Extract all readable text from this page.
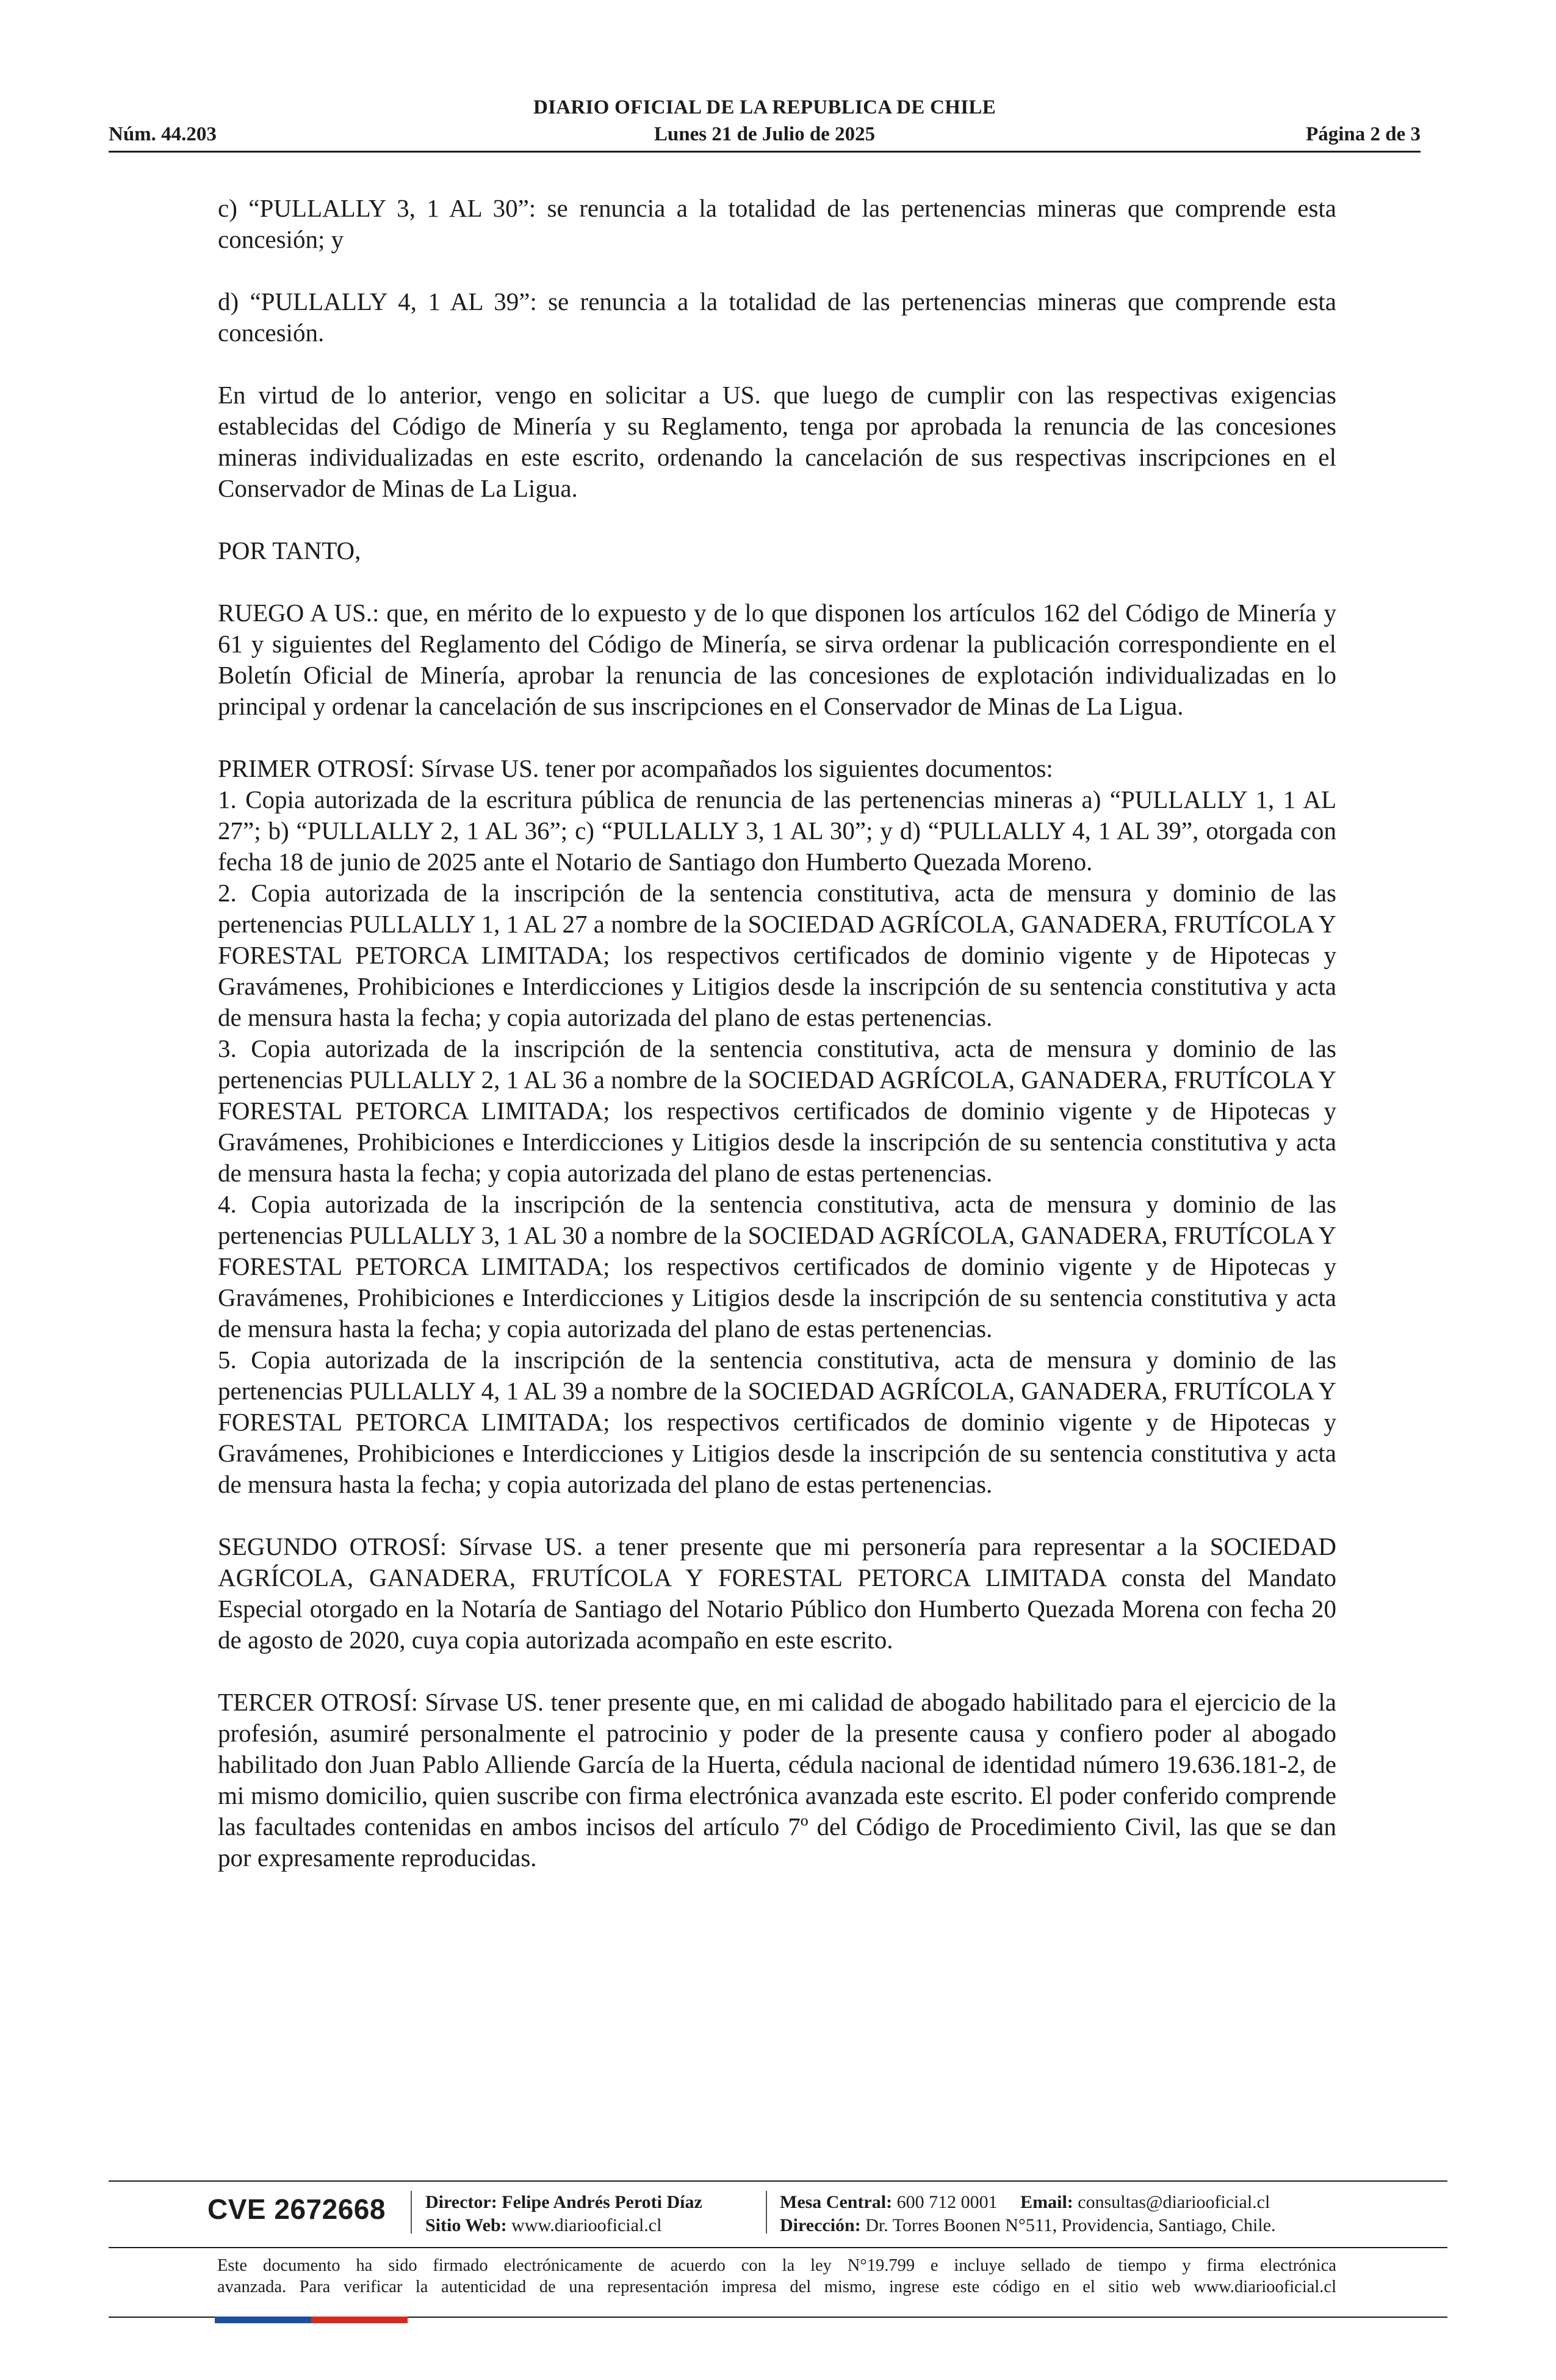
DIARIO OFICIAL DE LA REPUBLICA DE CHILE
Núm. 44.203	Lunes 21 de Julio de 2025	Página 2 de 3

c) “PULLALLY 3, 1 AL 30”: se renuncia a la totalidad de las pertenencias mineras que comprende esta concesión; y

d) “PULLALLY 4, 1 AL 39”: se renuncia a la totalidad de las pertenencias mineras que comprende esta concesión.

En virtud de lo anterior, vengo en solicitar a US. que luego de cumplir con las respectivas exigencias establecidas del Código de Minería y su Reglamento, tenga por aprobada la renuncia de las concesiones mineras individualizadas en este escrito, ordenando la cancelación de sus respectivas inscripciones en el Conservador de Minas de La Ligua.

POR TANTO,

RUEGO A US.: que, en mérito de lo expuesto y de lo que disponen los artículos 162 del Código de Minería y 61 y siguientes del Reglamento del Código de Minería, se sirva ordenar la publicación correspondiente en el Boletín Oficial de Minería, aprobar la renuncia de las concesiones de explotación individualizadas en lo principal y ordenar la cancelación de sus inscripciones en el Conservador de Minas de La Ligua.

PRIMER OTROSÍ: Sírvase US. tener por acompañados los siguientes documentos:

1. Copia autorizada de la escritura pública de renuncia de las pertenencias mineras a) “PULLALLY 1, 1 AL 27”; b) “PULLALLY 2, 1 AL 36”; c) “PULLALLY 3, 1 AL 30”; y d) “PULLALLY 4, 1 AL 39”, otorgada con fecha 18 de junio de 2025 ante el Notario de Santiago don Humberto Quezada Moreno.

2. Copia autorizada de la inscripción de la sentencia constitutiva, acta de mensura y dominio de las pertenencias PULLALLY 1, 1 AL 27 a nombre de la SOCIEDAD AGRÍCOLA, GANADERA, FRUTÍCOLA Y FORESTAL PETORCA LIMITADA; los respectivos certificados de dominio vigente y de Hipotecas y Gravámenes, Prohibiciones e Interdicciones y Litigios desde la inscripción de su sentencia constitutiva y acta de mensura hasta la fecha; y copia autorizada del plano de estas pertenencias.

3. Copia autorizada de la inscripción de la sentencia constitutiva, acta de mensura y dominio de las pertenencias PULLALLY 2, 1 AL 36 a nombre de la SOCIEDAD AGRÍCOLA, GANADERA, FRUTÍCOLA Y FORESTAL PETORCA LIMITADA; los respectivos certificados de dominio vigente y de Hipotecas y Gravámenes, Prohibiciones e Interdicciones y Litigios desde la inscripción de su sentencia constitutiva y acta de mensura hasta la fecha; y copia autorizada del plano de estas pertenencias.

4. Copia autorizada de la inscripción de la sentencia constitutiva, acta de mensura y dominio de las pertenencias PULLALLY 3, 1 AL 30 a nombre de la SOCIEDAD AGRÍCOLA, GANADERA, FRUTÍCOLA Y FORESTAL PETORCA LIMITADA; los respectivos certificados de dominio vigente y de Hipotecas y Gravámenes, Prohibiciones e Interdicciones y Litigios desde la inscripción de su sentencia constitutiva y acta de mensura hasta la fecha; y copia autorizada del plano de estas pertenencias.

5. Copia autorizada de la inscripción de la sentencia constitutiva, acta de mensura y dominio de las pertenencias PULLALLY 4, 1 AL 39 a nombre de la SOCIEDAD AGRÍCOLA, GANADERA, FRUTÍCOLA Y FORESTAL PETORCA LIMITADA; los respectivos certificados de dominio vigente y de Hipotecas y Gravámenes, Prohibiciones e Interdicciones y Litigios desde la inscripción de su sentencia constitutiva y acta de mensura hasta la fecha; y copia autorizada del plano de estas pertenencias.

SEGUNDO OTROSÍ: Sírvase US. a tener presente que mi personería para representar a la SOCIEDAD AGRÍCOLA, GANADERA, FRUTÍCOLA Y FORESTAL PETORCA LIMITADA consta del Mandato Especial otorgado en la Notaría de Santiago del Notario Público don Humberto Quezada Morena con fecha 20 de agosto de 2020, cuya copia autorizada acompaño en este escrito.

TERCER OTROSÍ: Sírvase US. tener presente que, en mi calidad de abogado habilitado para el ejercicio de la profesión, asumiré personalmente el patrocinio y poder de la presente causa y confiero poder al abogado habilitado don Juan Pablo Alliende García de la Huerta, cédula nacional de identidad número 19.636.181-2, de mi mismo domicilio, quien suscribe con firma electrónica avanzada este escrito. El poder conferido comprende las facultades contenidas en ambos incisos del artículo 7º del Código de Procedimiento Civil, las que se dan por expresamente reproducidas.

CVE 2672668 Director: Felipe Andrés Peroti Díaz
Sitio Web: www.diariooficial.cl
Mesa Central: 600 712 0001 Email: consultas@diariooficial.cl
Dirección: Dr. Torres Boonen N°511, Providencia, Santiago, Chile.
Este documento ha sido firmado electrónicamente de acuerdo con la ley N°19.799 e incluye sellado de tiempo y firma electrónica
avanzada. Para verificar la autenticidad de una representación impresa del mismo, ingrese este código en el sitio web www.diariooficial.cl
